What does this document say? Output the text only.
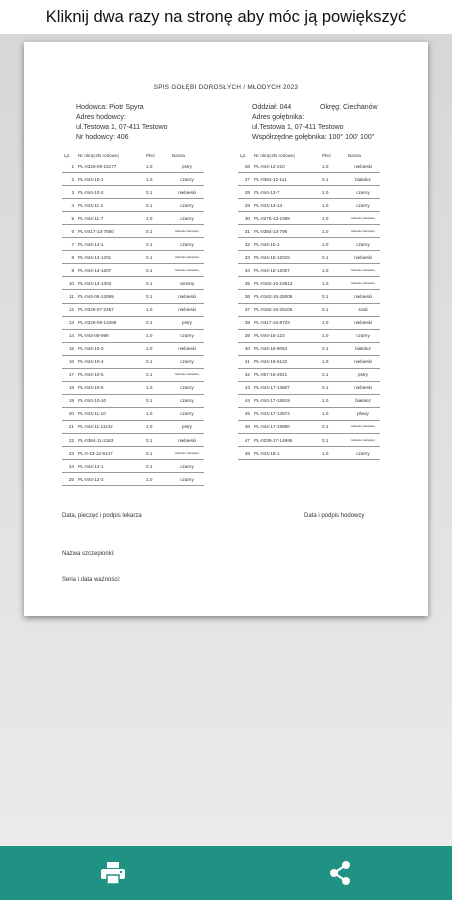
Kliknij dwa razy na stronę aby móc ją powiększyć
SPIS GOŁĘBI DOROSŁYCH / MŁODYCH 2023
Hodowca: Piotr Spyra
Adres hodowcy:
ul.Testowa 1, 07-411 Testowo
Nr hodowcy: 406
Oddział: 044	Okręg: Ciechanów
Adres gołębnika:
ul.Testowa 1, 07-411 Testowo
Współrzędne gołębnika: 100° 100' 100''
Lp.	Nr obrączki rodowej	Płeć	Barwa
1	PL-0326-09-15177	1.0	pstry
2	PL-044-10-1	1.0	czarny
3	PL-044-10-2	0.1	niebieski
4	PL-044-11-1	0.1	czarny
5	PL-044-11-7	1.0	czarny
6	PL-0417-13-7580	0.1	niebiesko nakrapiany
7	PL-044-14-1	0.1	czarny
8	PL-044-14-1201	0.1	niebiesko nakrapiany
9	PL-044-14-1207	0.1	niebiesko nakrapiany
10	PL-044-14-1303	0.1	ciemny
11	PL-044-06-12695	0.1	niebieski
12	PL-0326-07-2487	1.0	niebieski
13	PL-0326-08-14269	0.1	pstry
14	PL-044-09-998	1.0	czarny
15	PL-044-10-3	1.0	niebieski
16	PL-044-10-4	0.1	czarny
17	PL-044-10-5	0.1	niebiesko nakrapiany
18	PL-044-10-6	1.0	czarny
19	PL-044-10-10	0.1	czarny
20	PL-044-11-10	1.0	czarny
21	PL-044-11-11132	1.0	pstry
22	PL-0384-11-2163	0.1	niebieski
23	PL-0-13-12-8147	0.1	niebiesko nakrapiany
24	PL-044-12-1	0.1	czarny
25	PL-044-12-2	1.0	czarny
Lp.	Nr obrączki rodowej	Płeć	Barwa
26	PL-044-12-210	1.0	niebieski
27	PL-0384-12-111	0.1	białołoz
28	PL-044-13-7	1.0	czarny
29	PL-044-13-13	1.0	czarny
30	PL-0275-13-1069	1.0	niebiesko nakrapiany
31	PL-0384-13-795	1.0	niebiesko nakrapiany
32	PL-044-15-1	1.0	czarny
33	PL-044-15-12015	0.1	niebieski
34	PL-044-15-12067	1.0	niebiesko nakrapiany
35	PL-0162-15-23813	1.0	niebiesko nakrapiany
36	PL-0162-15-25008	0.1	niebieski
37	PL-0162-15-25105	0.1	szali
38	PL-0417-15-8733	1.0	niebieski
39	PL-044-16-123	1.0	czarny
40	PL-044-16-6064	0.1	białołoz
41	PL-044-16-6122	1.0	niebieski
42	PL-057-16-4921	0.1	pstry
43	PL-044-17-13807	0.1	niebieski
44	PL-044-17-15819	1.0	białołoz
45	PL-044-17-13874	1.0	płowy
46	PL-044-17-15890	0.1	niebiesko nakrapiany
47	PL-0239-17-14995	0.1	niebiesko nakrapiany
48	PL-044-18-1	1.0	czarny
Data, pieczęć i podpis lekarza	Data i podpis hodowcy
Nazwa szczepionki:
Seria i data ważności:
